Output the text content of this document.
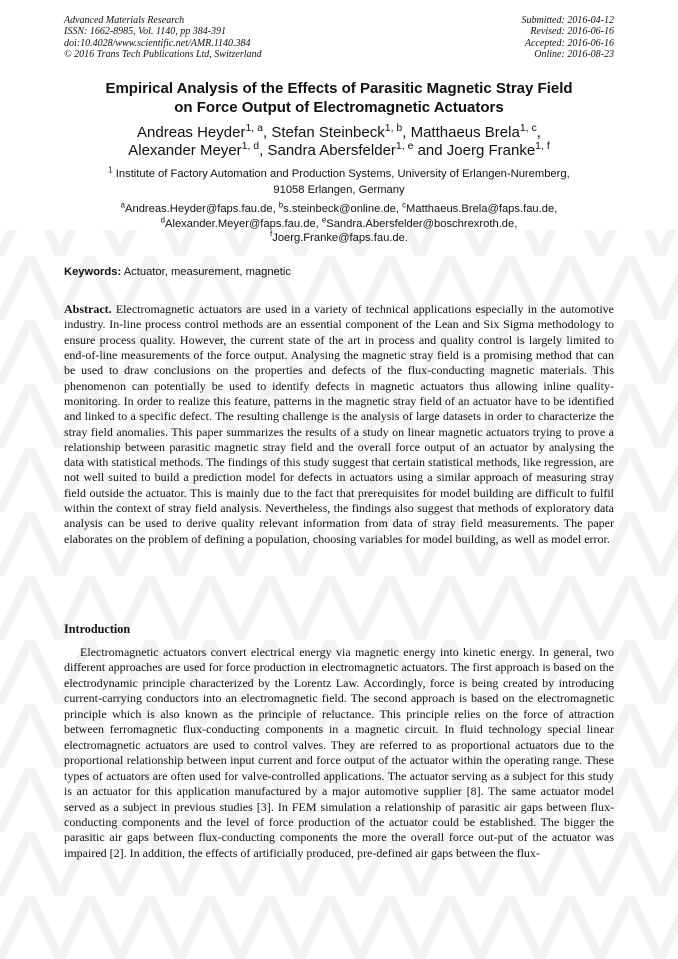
Advanced Materials Research
ISSN: 1662-8985, Vol. 1140, pp 384-391
doi:10.4028/www.scientific.net/AMR.1140.384
© 2016 Trans Tech Publications Ltd, Switzerland
Submitted: 2016-04-12
Revised: 2016-06-16
Accepted: 2016-06-16
Online: 2016-08-23
Empirical Analysis of the Effects of Parasitic Magnetic Stray Field
on Force Output of Electromagnetic Actuators
Andreas Heyder$^{1, a}$, Stefan Steinbeck$^{1, b}$, Matthaeus Brela$^{1, c}$,
Alexander Meyer$^{1, d}$, Sandra Abersfelder$^{1, e}$ and Joerg Franke$^{1, f}$
$^1$ Institute of Factory Automation and Production Systems, University of Erlangen-Nuremberg,
91058 Erlangen, Germany
$^a$Andreas.Heyder@faps.fau.de, $^b$s.steinbeck@online.de, $^c$Matthaeus.Brela@faps.fau.de,
$^d$Alexander.Meyer@faps.fau.de, $^e$Sandra.Abersfelder@boschrexroth.de,
$^f$Joerg.Franke@faps.fau.de.
Keywords: Actuator, measurement, magnetic

Abstract. Electromagnetic actuators are used in a variety of technical applications especially in the automotive industry. In-line process control methods are an essential component of the Lean and Six Sigma methodology to ensure process quality. However, the current state of the art in process and quality control is largely limited to end-of-line measurements of the force output. Analysing the magnetic stray field is a promising method that can be used to draw conclusions on the properties and defects of the flux-conducting magnetic materials. This phenomenon can potentially be used to identify defects in magnetic actuators thus allowing inline quality-monitoring. In order to realize this feature, patterns in the magnetic stray field of an actuator have to be identified and linked to a specific defect. The resulting challenge is the analysis of large datasets in order to characterize the stray field anomalies. This paper summarizes the results of a study on linear magnetic actuators trying to prove a relationship between parasitic magnetic stray field and the overall force output of an actuator by analysing the data with statistical methods. The findings of this study suggest that certain statistical methods, like regression, are not well suited to build a prediction model for defects in actuators using a similar approach of measuring stray field outside the actuator. This is mainly due to the fact that prerequisites for model building are difficult to fulfil within the context of stray field analysis. Nevertheless, the findings also suggest that methods of exploratory data analysis can be used to derive quality relevant information from data of stray field measurements. The paper elaborates on the problem of defining a population, choosing variables for model building, as well as model error.

Introduction

Electromagnetic actuators convert electrical energy via magnetic energy into kinetic energy. In general, two different approaches are used for force production in electromagnetic actuators. The first approach is based on the electrodynamic principle characterized by the Lorentz Law. Accordingly, force is being created by introducing current-carrying conductors into an electromagnetic field. The second approach is based on the electromagnetic principle which is also known as the principle of reluctance. This principle relies on the force of attraction between ferromagnetic flux-conducting components in a magnetic circuit. In fluid technology special linear electromagnetic actuators are used to control valves. They are referred to as proportional actuators due to the proportional relationship between input current and force output of the actuator within the operating range. These types of actuators are often used for valve-controlled applications. The actuator serving as a subject for this study is an actuator for this application manufactured by a major automotive supplier [8]. The same actuator model served as a subject in previous studies [3]. In FEM simulation a relationship of parasitic air gaps between flux-conducting components and the level of force production of the actuator could be established. The bigger the parasitic air gaps between flux-conducting components the more the overall force out-put of the actuator was impaired [2]. In addition, the effects of artificially produced, pre-defined air gaps between the flux-
